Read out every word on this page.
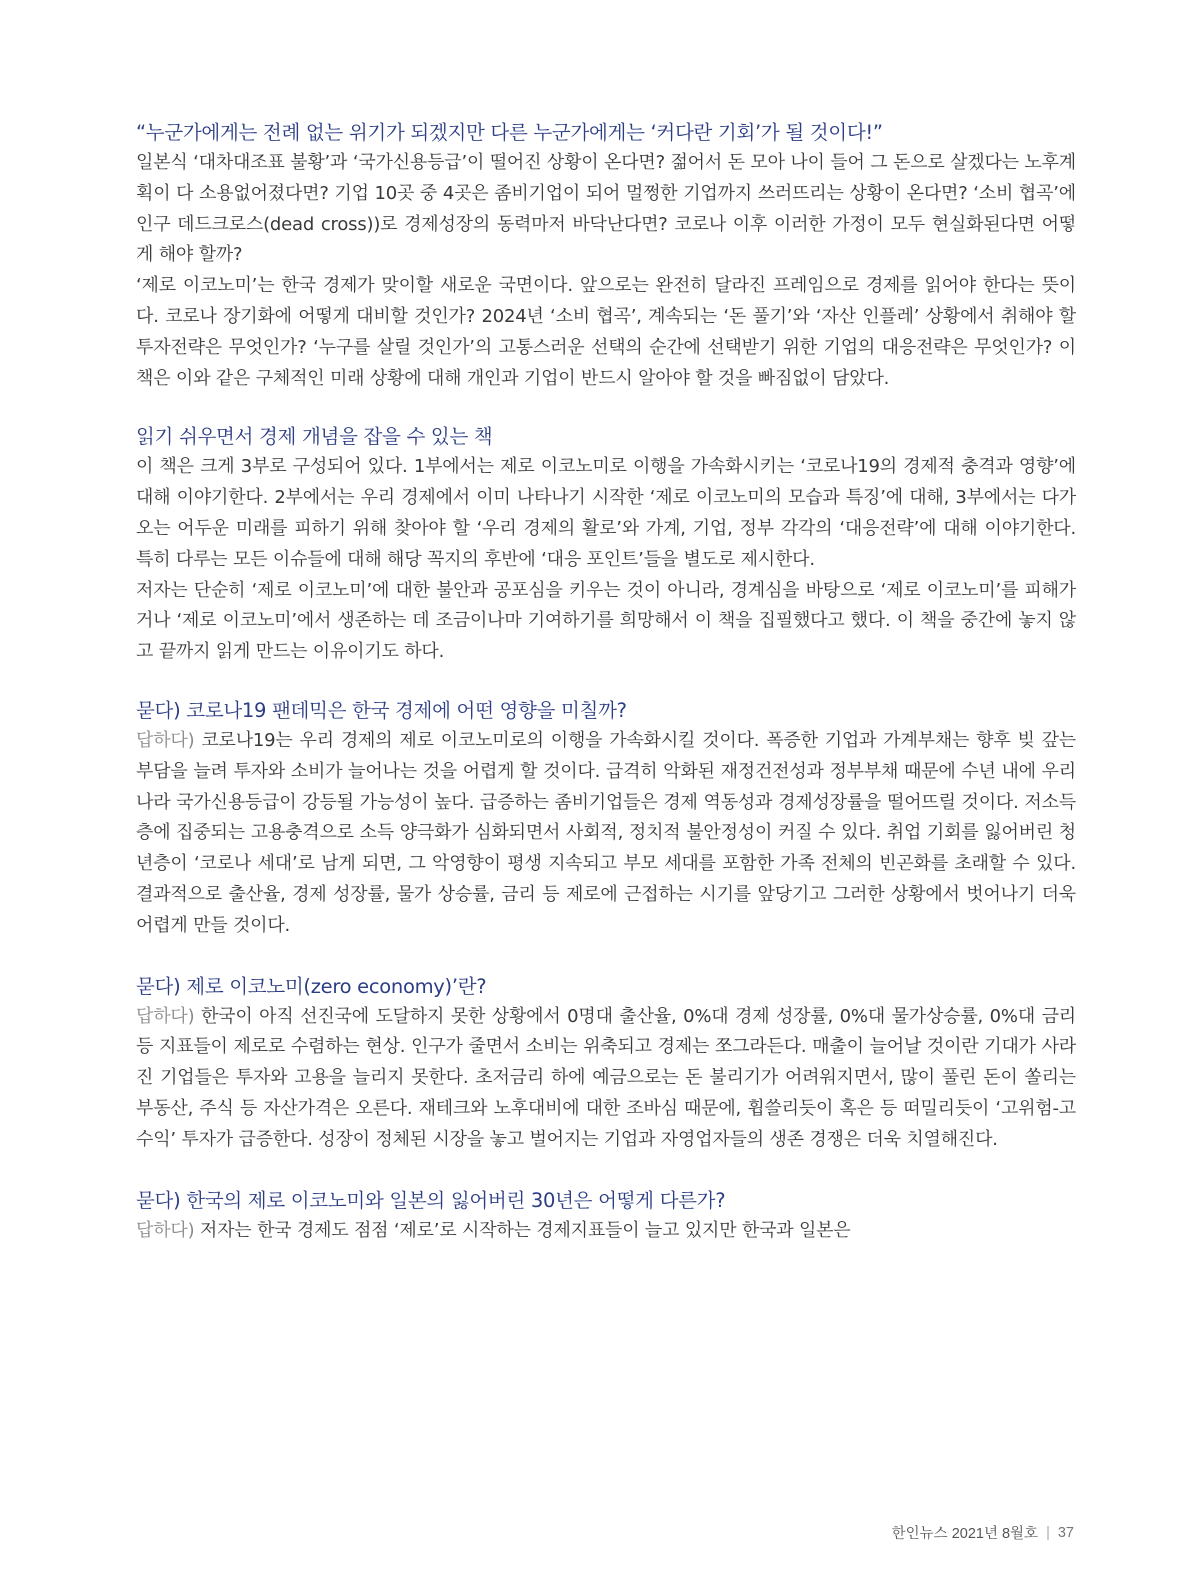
“누군가에게는 전례 없는 위기가 되겠지만 다른 누군가에게는 ‘커다란 기회’가 될 것이다!”

일본식 ‘대차대조표 불황’과 ‘국가신용등급’이 떨어진 상황이 온다면? 젊어서 돈 모아 나이 들어 그 돈으로 살겠다는 노후계획이 다 소용없어졌다면? 기업 10곳 중 4곳은 좀비기업이 되어 멀쩡한 기업까지 쓰러뜨리는 상황이 온다면? ‘소비 협곡’에 인구 데드크로스(dead cross))로 경제성장의 동력마저 바닥난다면? 코로나 이후 이러한 가정이 모두 현실화된다면 어떻게 해야 할까?

‘제로 이코노미’는 한국 경제가 맞이할 새로운 국면이다. 앞으로는 완전히 달라진 프레임으로 경제를 읽어야 한다는 뜻이다. 코로나 장기화에 어떻게 대비할 것인가? 2024년 ‘소비 협곡’, 계속되는 ‘돈 풀기’와 ‘자산 인플레’ 상황에서 취해야 할 투자전략은 무엇인가? ‘누구를 살릴 것인가’의 고통스러운 선택의 순간에 선택받기 위한 기업의 대응전략은 무엇인가? 이 책은 이와 같은 구체적인 미래 상황에 대해 개인과 기업이 반드시 알아야 할 것을 빠짐없이 담았다.

읽기 쉬우면서 경제 개념을 잡을 수 있는 책

이 책은 크게 3부로 구성되어 있다. 1부에서는 제로 이코노미로 이행을 가속화시키는 ‘코로나19의 경제적 충격과 영향’에 대해 이야기한다. 2부에서는 우리 경제에서 이미 나타나기 시작한 ‘제로 이코노미의 모습과 특징’에 대해, 3부에서는 다가오는 어두운 미래를 피하기 위해 찾아야 할 ‘우리 경제의 활로’와 가계, 기업, 정부 각각의 ‘대응전략’에 대해 이야기한다. 특히 다루는 모든 이슈들에 대해 해당 꼭지의 후반에 ‘대응 포인트’들을 별도로 제시한다.

저자는 단순히 ‘제로 이코노미’에 대한 불안과 공포심을 키우는 것이 아니라, 경계심을 바탕으로 ‘제로 이코노미’를 피해가거나 ‘제로 이코노미’에서 생존하는 데 조금이나마 기여하기를 희망해서 이 책을 집필했다고 했다. 이 책을 중간에 놓지 않고 끝까지 읽게 만드는 이유이기도 하다.

묻다) 코로나19 팬데믹은 한국 경제에 어떤 영향을 미칠까?

답하다) 코로나19는 우리 경제의 제로 이코노미로의 이행을 가속화시킬 것이다. 폭증한 기업과 가계부채는 향후 빚 갚는 부담을 늘려 투자와 소비가 늘어나는 것을 어렵게 할 것이다. 급격히 악화된 재정건전성과 정부부채 때문에 수년 내에 우리나라 국가신용등급이 강등될 가능성이 높다. 급증하는 좀비기업들은 경제 역동성과 경제성장률을 떨어뜨릴 것이다. 저소득층에 집중되는 고용충격으로 소득 양극화가 심화되면서 사회적, 정치적 불안정성이 커질 수 있다. 취업 기회를 잃어버린 청년층이 ‘코로나 세대’로 남게 되면, 그 악영향이 평생 지속되고 부모 세대를 포함한 가족 전체의 빈곤화를 초래할 수 있다. 결과적으로 출산율, 경제 성장률, 물가 상승률, 금리 등 제로에 근접하는 시기를 앞당기고 그러한 상황에서 벗어나기 더욱 어렵게 만들 것이다.

묻다) 제로 이코노미(zero economy)’란?

답하다) 한국이 아직 선진국에 도달하지 못한 상황에서 0명대 출산율, 0%대 경제 성장률, 0%대 물가상승률, 0%대 금리 등 지표들이 제로로 수렴하는 현상. 인구가 줄면서 소비는 위축되고 경제는 쪼그라든다. 매출이 늘어날 것이란 기대가 사라진 기업들은 투자와 고용을 늘리지 못한다. 초저금리 하에 예금으로는 돈 불리기가 어려워지면서, 많이 풀린 돈이 쏠리는 부동산, 주식 등 자산가격은 오른다. 재테크와 노후대비에 대한 조바심 때문에, 휩쓸리듯이 혹은 등 떠밀리듯이 ‘고위험-고수익’ 투자가 급증한다. 성장이 정체된 시장을 놓고 벌어지는 기업과 자영업자들의 생존 경쟁은 더욱 치열해진다.

묻다) 한국의 제로 이코노미와 일본의 잃어버린 30년은 어떻게 다른가?

답하다) 저자는 한국 경제도 점점 ‘제로’로 시작하는 경제지표들이 늘고 있지만 한국과 일본은

한인뉴스 2021년 8월호 | 37
